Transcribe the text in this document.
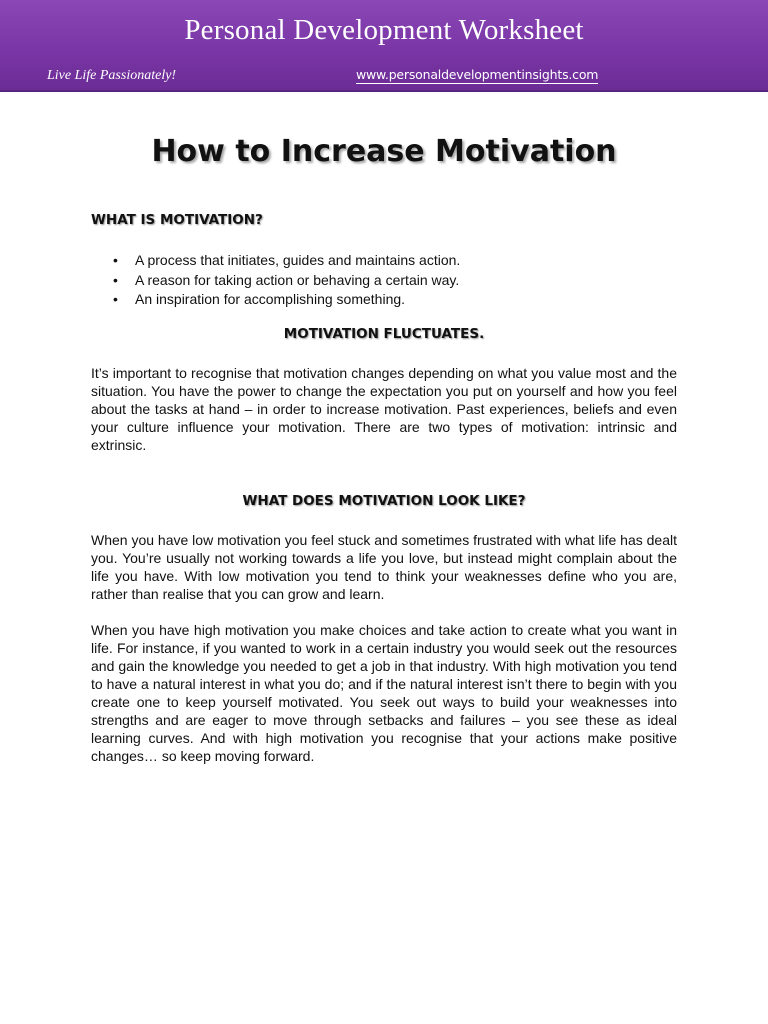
Personal Development Worksheet
Live Life Passionately!	www.personaldevelopmentinsights.com
How to Increase Motivation
WHAT IS MOTIVATION?
• A process that initiates, guides and maintains action.
• A reason for taking action or behaving a certain way.
• An inspiration for accomplishing something.
MOTIVATION FLUCTUATES.

It’s important to recognise that motivation changes depending on what you value most and the situation. You have the power to change the expectation you put on yourself and how you feel about the tasks at hand – in order to increase motivation. Past experiences, beliefs and even your culture influence your motivation. There are two types of motivation: intrinsic and extrinsic.

WHAT DOES MOTIVATION LOOK LIKE?

When you have low motivation you feel stuck and sometimes frustrated with what life has dealt you. You’re usually not working towards a life you love, but instead might complain about the life you have. With low motivation you tend to think your weaknesses define who you are, rather than realise that you can grow and learn.

When you have high motivation you make choices and take action to create what you want in life. For instance, if you wanted to work in a certain industry you would seek out the resources and gain the knowledge you needed to get a job in that industry. With high motivation you tend to have a natural interest in what you do; and if the natural interest isn’t there to begin with you create one to keep yourself motivated. You seek out ways to build your weaknesses into strengths and are eager to move through setbacks and failures – you see these as ideal learning curves. And with high motivation you recognise that your actions make positive changes… so keep moving forward.
